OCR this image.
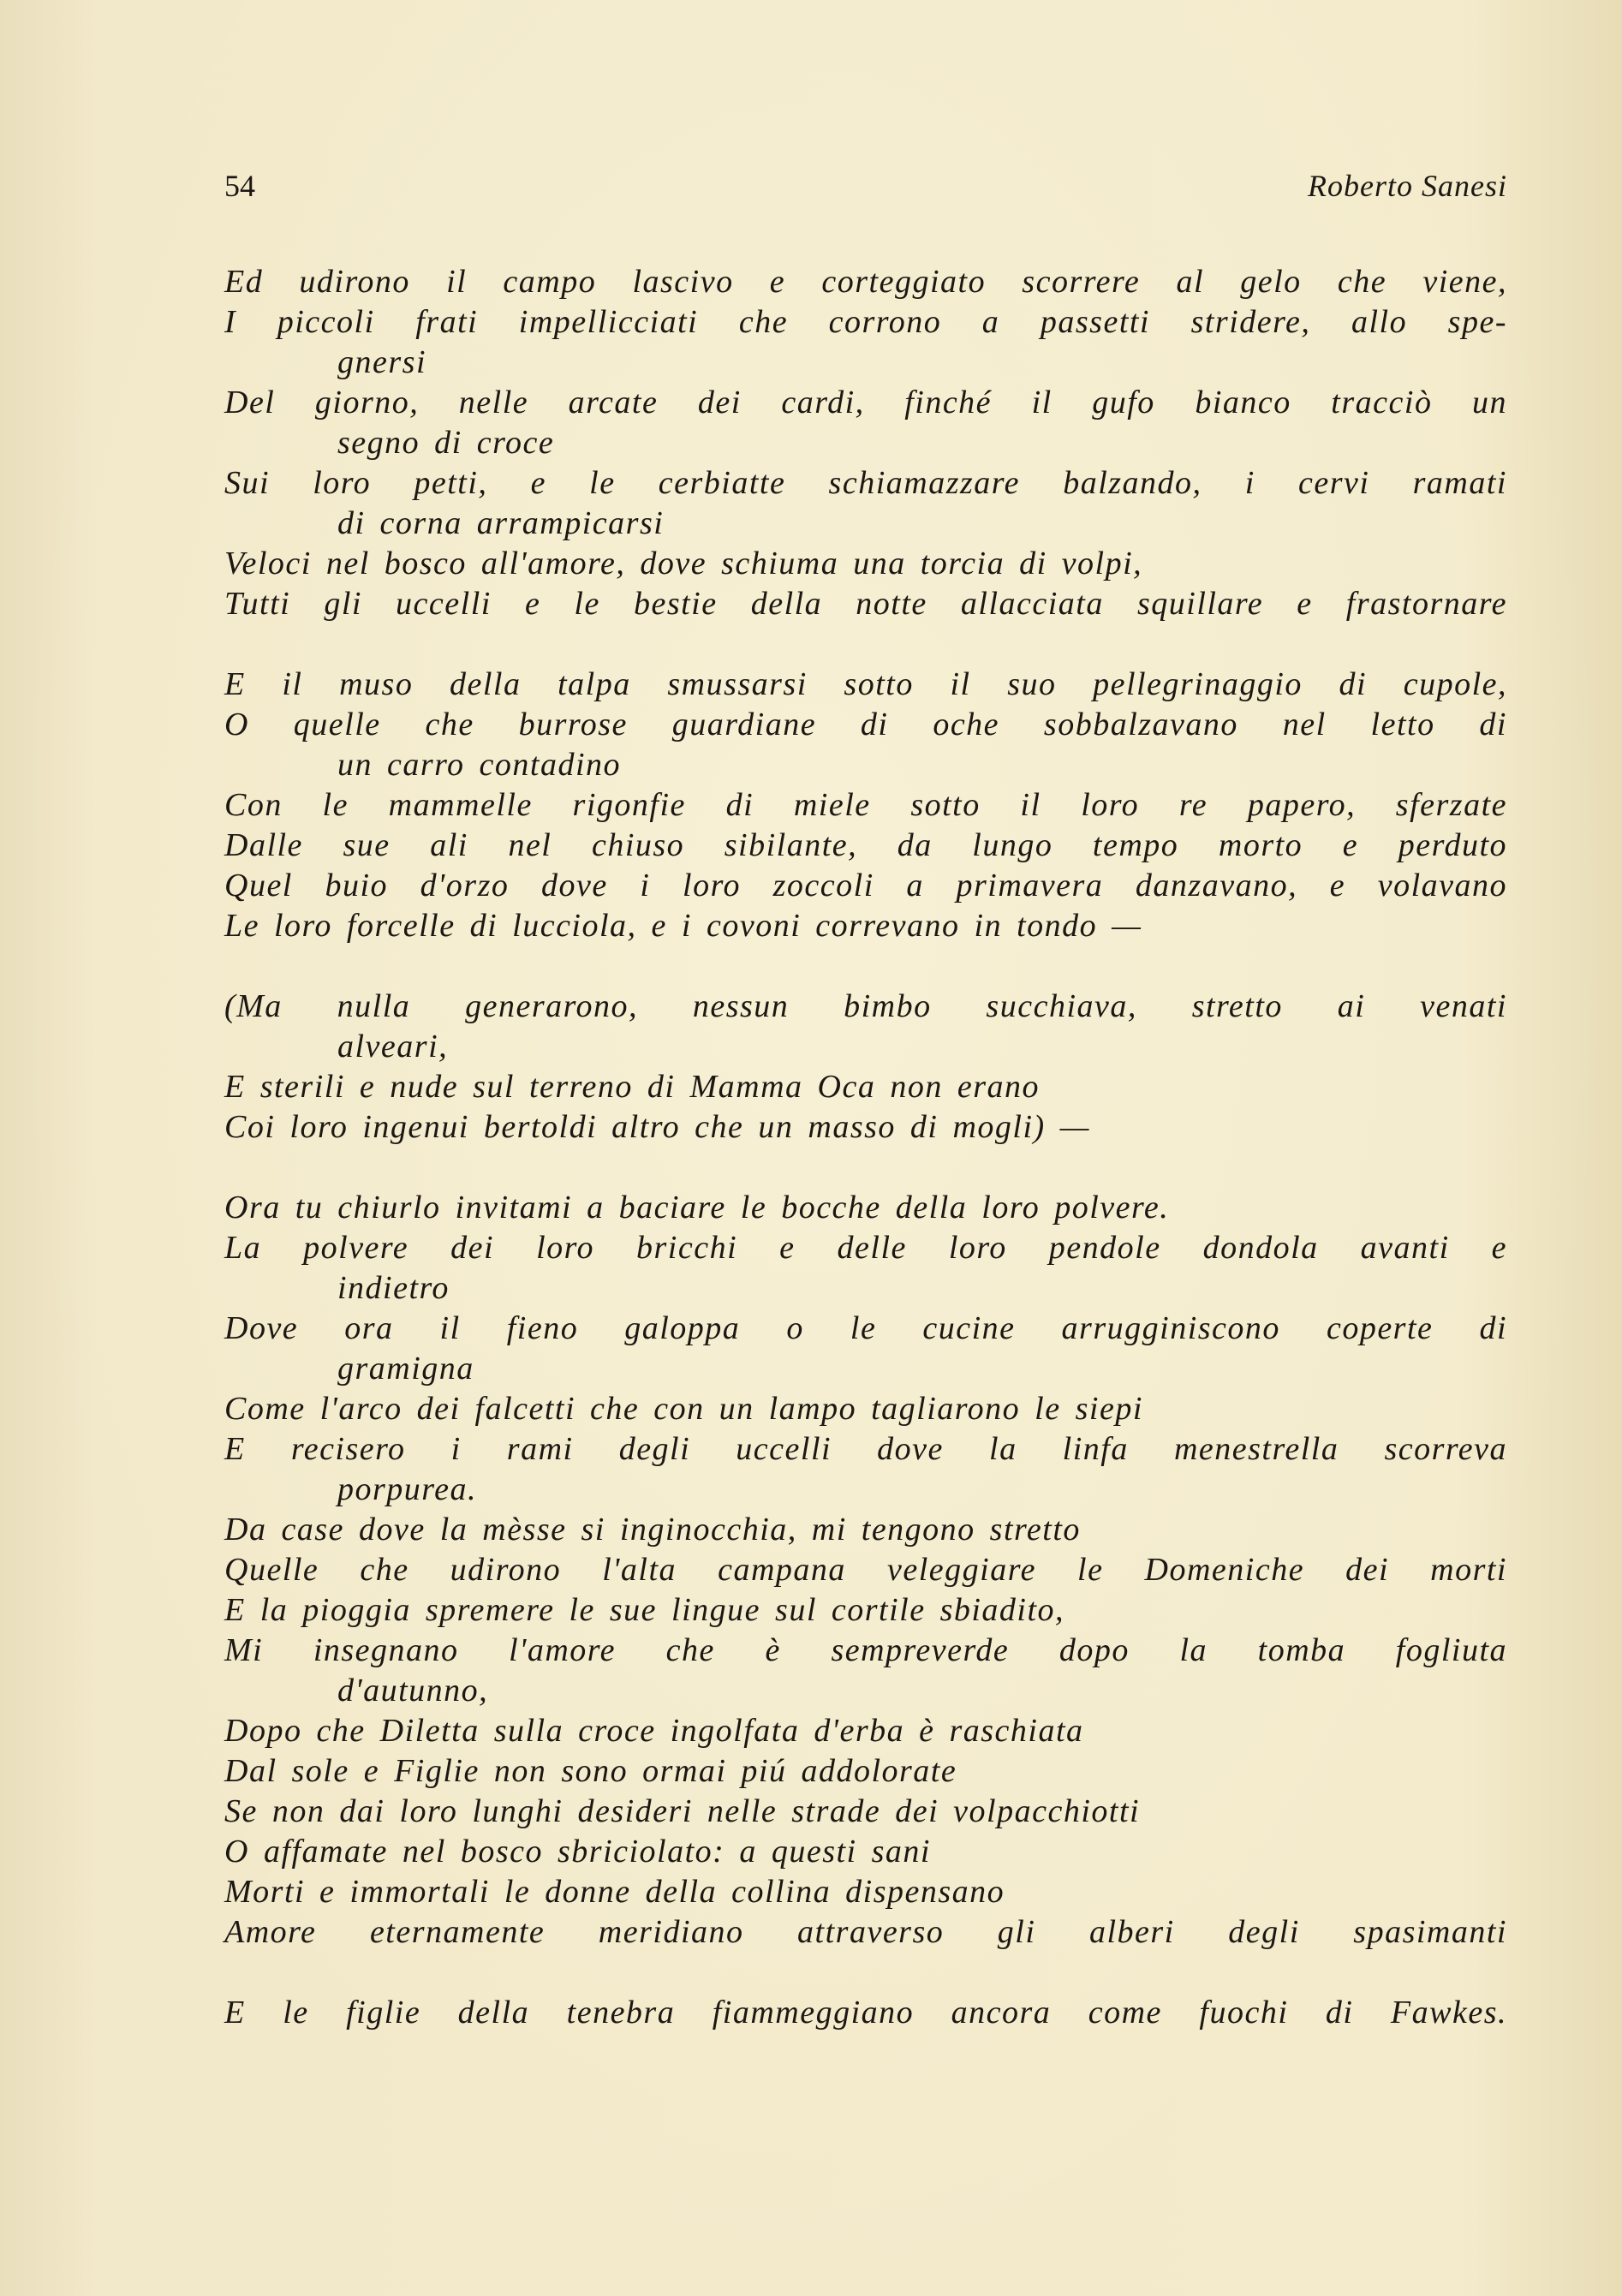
54	Roberto Sanesi
Ed udirono il campo lascivo e corteggiato scorrere al gelo che viene,
I piccoli frati impellicciati che corrono a passetti stridere, allo spe-
gnersi
Del giorno, nelle arcate dei cardi, finché il gufo bianco tracciò un
segno di croce
Sui loro petti, e le cerbiatte schiamazzare balzando, i cervi ramati
di corna arrampicarsi
Veloci nel bosco all'amore, dove schiuma una torcia di volpi,
Tutti gli uccelli e le bestie della notte allacciata squillare e frastornare
E il muso della talpa smussarsi sotto il suo pellegrinaggio di cupole,
O quelle che burrose guardiane di oche sobbalzavano nel letto di
un carro contadino
Con le mammelle rigonfie di miele sotto il loro re papero, sferzate
Dalle sue ali nel chiuso sibilante, da lungo tempo morto e perduto
Quel buio d'orzo dove i loro zoccoli a primavera danzavano, e volavano
Le loro forcelle di lucciola, e i covoni correvano in tondo —
(Ma nulla generarono, nessun bimbo succhiava, stretto ai venati
alveari,
E sterili e nude sul terreno di Mamma Oca non erano
Coi loro ingenui bertoldi altro che un masso di mogli) —
Ora tu chiurlo invitami a baciare le bocche della loro polvere.
La polvere dei loro bricchi e delle loro pendole dondola avanti e
indietro
Dove ora il fieno galoppa o le cucine arrugginiscono coperte di
gramigna
Come l'arco dei falcetti che con un lampo tagliarono le siepi
E recisero i rami degli uccelli dove la linfa menestrella scorreva
porpurea.
Da case dove la mèsse si inginocchia, mi tengono stretto
Quelle che udirono l'alta campana veleggiare le Domeniche dei morti
E la pioggia spremere le sue lingue sul cortile sbiadito,
Mi insegnano l'amore che è sempreverde dopo la tomba fogliuta
d'autunno,
Dopo che Diletta sulla croce ingolfata d'erba è raschiata
Dal sole e Figlie non sono ormai piú addolorate
Se non dai loro lunghi desideri nelle strade dei volpacchiotti
O affamate nel bosco sbriciolato: a questi sani
Morti e immortali le donne della collina dispensano
Amore eternamente meridiano attraverso gli alberi degli spasimanti
E le figlie della tenebra fiammeggiano ancora come fuochi di Fawkes.
